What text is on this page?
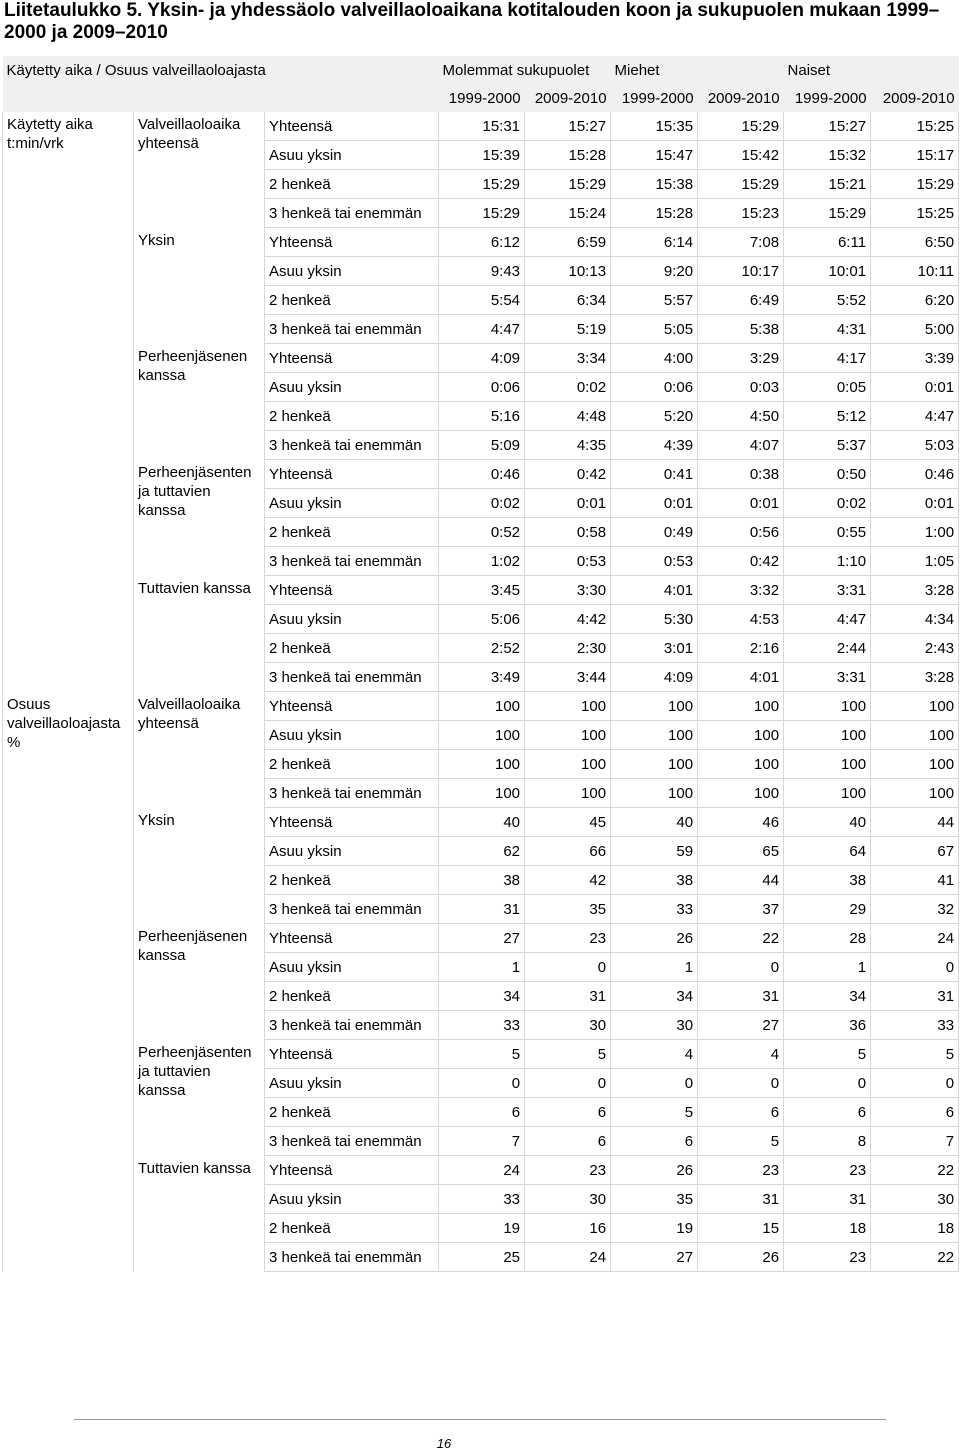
Liitetaulukko 5. Yksin- ja yhdessäolo valveillaoloaikana kotitalouden koon ja sukupuolen mukaan 1999–2000 ja 2009–2010
Käytetty aika / Osuus valveillaoloajasta			Molemmat sukupuolet		Miehet		Naiset	
			1999-2000	2009-2010	1999-2000	2009-2010	1999-2000	2009-2010
Käytetty aika t:min/vrk	Valveillaoloaika yhteensä	Yhteensä	15:31	15:27	15:35	15:29	15:27	15:25
		Asuu yksin	15:39	15:28	15:47	15:42	15:32	15:17
		2 henkeä	15:29	15:29	15:38	15:29	15:21	15:29
		3 henkeä tai enemmän	15:29	15:24	15:28	15:23	15:29	15:25
	Yksin	Yhteensä	6:12	6:59	6:14	7:08	6:11	6:50
		Asuu yksin	9:43	10:13	9:20	10:17	10:01	10:11
		2 henkeä	5:54	6:34	5:57	6:49	5:52	6:20
		3 henkeä tai enemmän	4:47	5:19	5:05	5:38	4:31	5:00
	Perheenjäsenen kanssa	Yhteensä	4:09	3:34	4:00	3:29	4:17	3:39
		Asuu yksin	0:06	0:02	0:06	0:03	0:05	0:01
		2 henkeä	5:16	4:48	5:20	4:50	5:12	4:47
		3 henkeä tai enemmän	5:09	4:35	4:39	4:07	5:37	5:03
	Perheenjäsenten ja tuttavien kanssa	Yhteensä	0:46	0:42	0:41	0:38	0:50	0:46
		Asuu yksin	0:02	0:01	0:01	0:01	0:02	0:01
		2 henkeä	0:52	0:58	0:49	0:56	0:55	1:00
		3 henkeä tai enemmän	1:02	0:53	0:53	0:42	1:10	1:05
	Tuttavien kanssa	Yhteensä	3:45	3:30	4:01	3:32	3:31	3:28
		Asuu yksin	5:06	4:42	5:30	4:53	4:47	4:34
		2 henkeä	2:52	2:30	3:01	2:16	2:44	2:43
		3 henkeä tai enemmän	3:49	3:44	4:09	4:01	3:31	3:28
Osuus valveillaoloajasta %	Valveillaoloaika yhteensä	Yhteensä	100	100	100	100	100	100
		Asuu yksin	100	100	100	100	100	100
		2 henkeä	100	100	100	100	100	100
		3 henkeä tai enemmän	100	100	100	100	100	100
	Yksin	Yhteensä	40	45	40	46	40	44
		Asuu yksin	62	66	59	65	64	67
		2 henkeä	38	42	38	44	38	41
		3 henkeä tai enemmän	31	35	33	37	29	32
	Perheenjäsenen kanssa	Yhteensä	27	23	26	22	28	24
		Asuu yksin	1	0	1	0	1	0
		2 henkeä	34	31	34	31	34	31
		3 henkeä tai enemmän	33	30	30	27	36	33
	Perheenjäsenten ja tuttavien kanssa	Yhteensä	5	5	4	4	5	5
		Asuu yksin	0	0	0	0	0	0
		2 henkeä	6	6	5	6	6	6
		3 henkeä tai enemmän	7	6	6	5	8	7
	Tuttavien kanssa	Yhteensä	24	23	26	23	23	22
		Asuu yksin	33	30	35	31	31	30
		2 henkeä	19	16	19	15	18	18
		3 henkeä tai enemmän	25	24	27	26	23	22
16
